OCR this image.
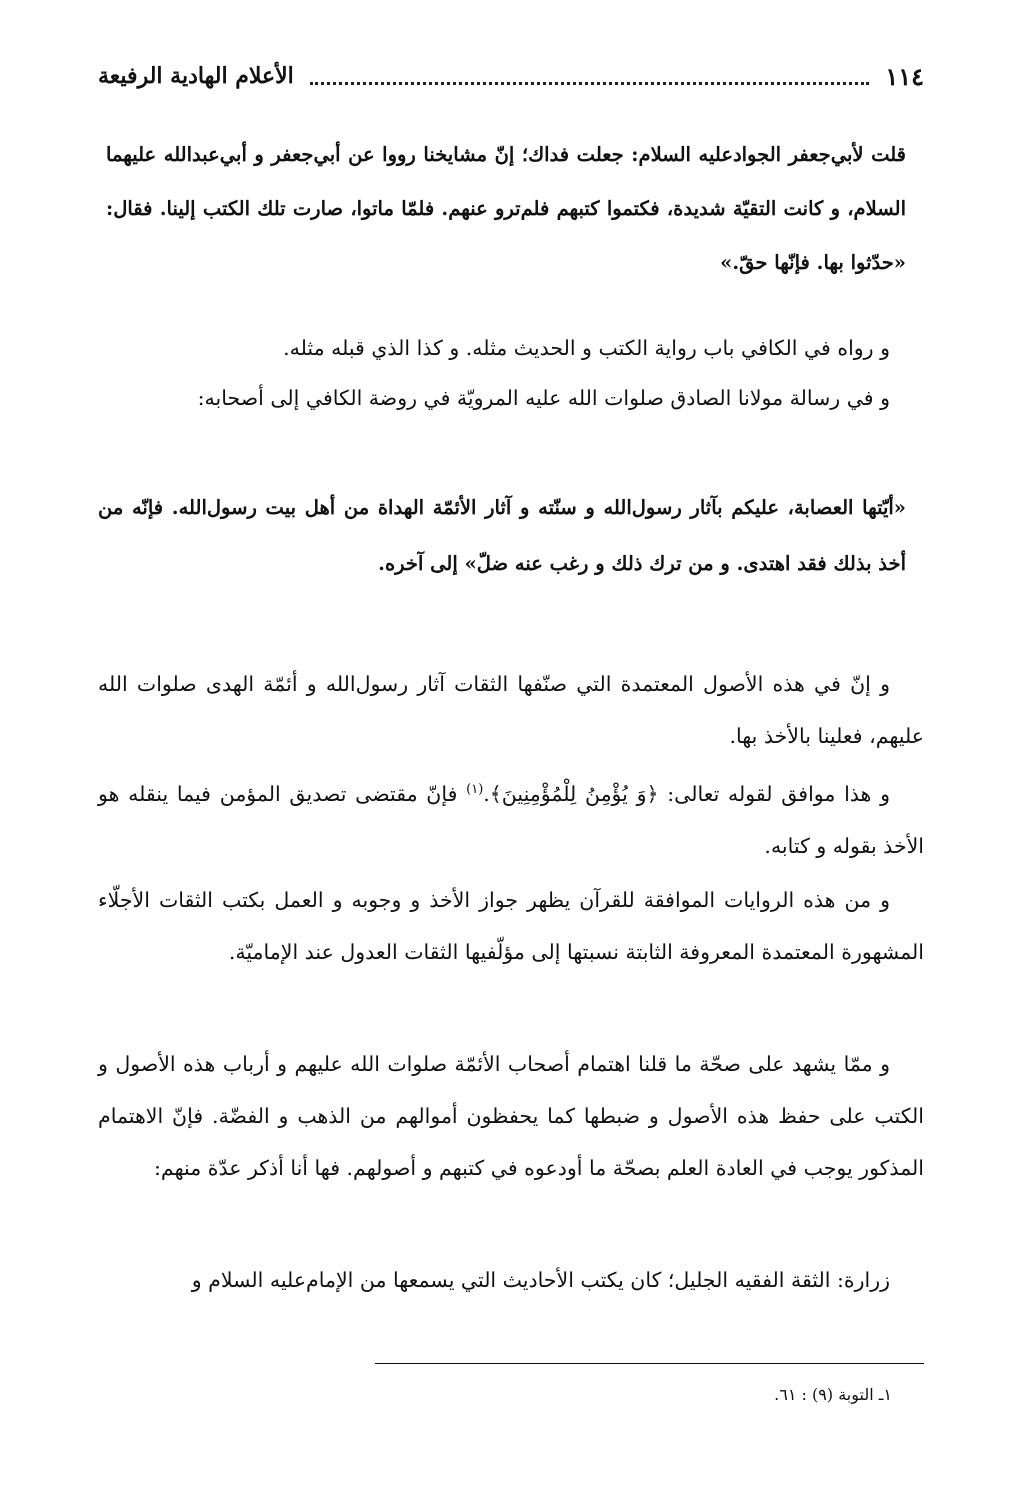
١١٤
الأعلام الهادية الرفيعة
قلت لأبي‌جعفر الجوادعليه السلام: جعلت فداك؛ إنّ مشايخنا رووا عن أبي‌جعفر و أبي‌عبدالله عليهما السلام، و كانت التقيّة شديدة، فكتموا كتبهم فلم‌ترو عنهم. فلمّا ماتوا، صارت تلك الكتب إلينا. فقال: «حدّثوا بها. فإنّها حقّ.»
و رواه في الكافي باب رواية الكتب و الحديث مثله. و كذا الذي قبله مثله.
و في رسالة مولانا الصادق صلوات الله عليه المرويّة في روضة الكافي إلى أصحابه:
«أيّتها العصابة، عليكم بآثار رسول‌الله و سنّته و آثار الأئمّة الهداة من أهل بيت رسول‌الله. فإنّه من أخذ بذلك فقد اهتدى. و من ترك ذلك و رغب عنه ضلّ» إلى آخره.
و إنّ في هذه الأصول المعتمدة التي صنّفها الثقات آثار رسول‌الله و أئمّة الهدى صلوات الله عليهم، فعلينا بالأخذ بها.
و هذا موافق لقوله تعالى: ﴿وَ يُؤْمِنُ لِلْمُؤْمِنِينَ﴾.$^{(١)}$ فإنّ مقتضى تصديق المؤمن فيما ينقله هو الأخذ بقوله و كتابه.
و من هذه الروايات الموافقة للقرآن يظهر جواز الأخذ و وجوبه و العمل بكتب الثقات الأجلّاء المشهورة المعتمدة المعروفة الثابتة نسبتها إلى مؤلّفيها الثقات العدول عند الإماميّة.
و ممّا يشهد على صحّة ما قلنا اهتمام أصحاب الأئمّة صلوات الله عليهم و أرباب هذه الأصول و الكتب على حفظ هذه الأصول و ضبطها كما يحفظون أموالهم من الذهب و الفضّة. فإنّ الاهتمام المذكور يوجب في العادة العلم بصحّة ما أودعوه في كتبهم و أصولهم. فها أنا أذكر عدّة منهم:
زرارة: الثقة الفقيه الجليل؛ كان يكتب الأحاديث التي يسمعها من الإمام‌عليه السلام و
١ـ التوبة (٩) : ٦١.
